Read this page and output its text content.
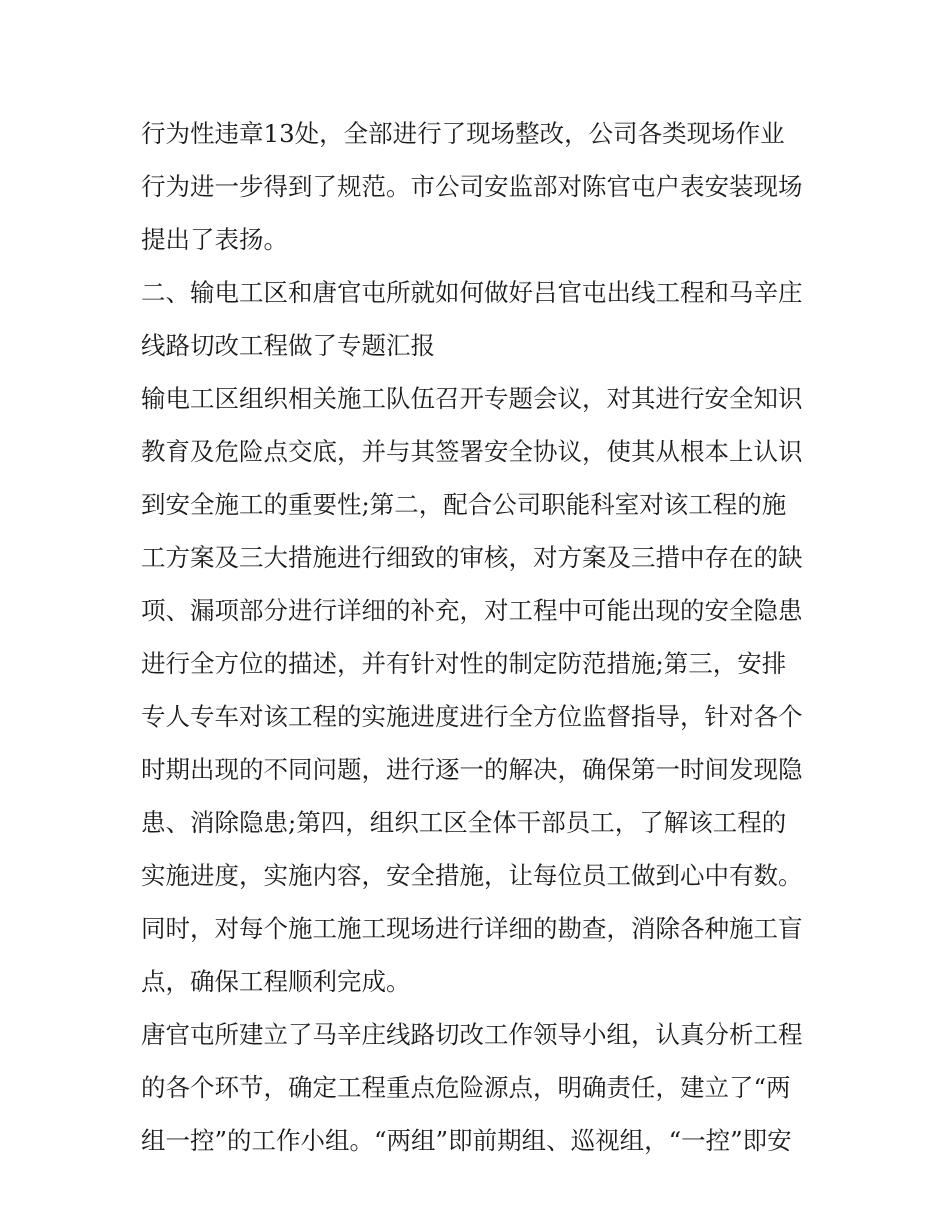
行为性违章13处，全部进行了现场整改，公司各类现场作业
行为进一步得到了规范。市公司安监部对陈官屯户表安装现场
提出了表扬。
二、输电工区和唐官屯所就如何做好吕官屯出线工程和马辛庄
线路切改工程做了专题汇报
输电工区组织相关施工队伍召开专题会议，对其进行安全知识
教育及危险点交底，并与其签署安全协议，使其从根本上认识
到安全施工的重要性;第二，配合公司职能科室对该工程的施
工方案及三大措施进行细致的审核，对方案及三措中存在的缺
项、漏项部分进行详细的补充，对工程中可能出现的安全隐患
进行全方位的描述，并有针对性的制定防范措施;第三，安排
专人专车对该工程的实施进度进行全方位监督指导，针对各个
时期出现的不同问题，进行逐一的解决，确保第一时间发现隐
患、消除隐患;第四，组织工区全体干部员工，了解该工程的
实施进度，实施内容，安全措施，让每位员工做到心中有数。
同时，对每个施工施工现场进行详细的勘查，消除各种施工盲
点，确保工程顺利完成。
唐官屯所建立了马辛庄线路切改工作领导小组，认真分析工程
的各个环节，确定工程重点危险源点，明确责任，建立了“两
组一控”的工作小组。“两组”即前期组、巡视组，“一控”即安
